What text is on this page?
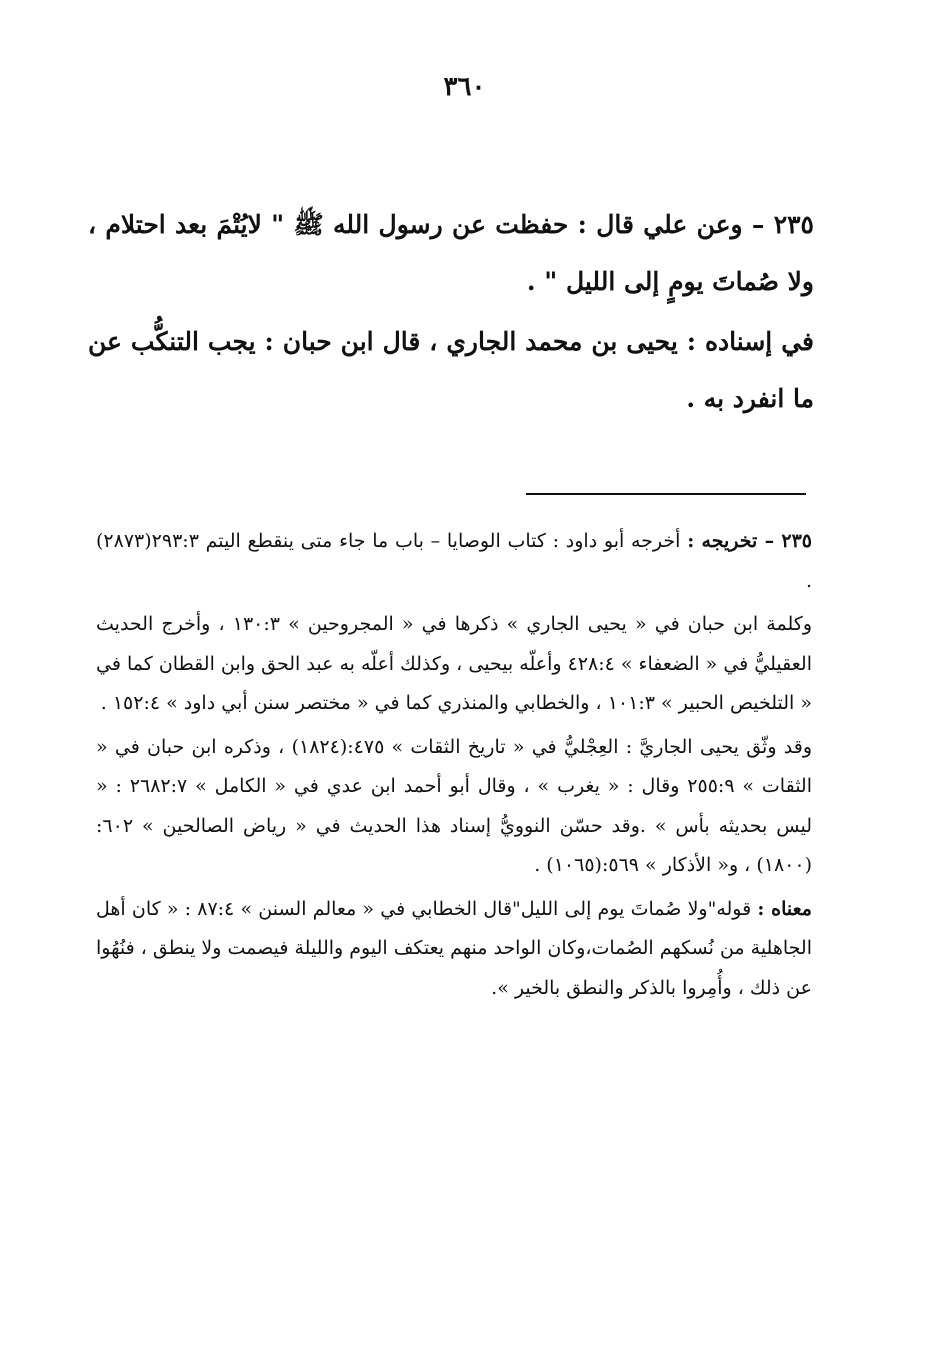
٣٦٠

٢٣٥ – وعن علي قال : حفظت عن رسول الله ﷺ " لايُتْمَ بعد احتلام ، ولا صُماتَ يومٍ إلى الليل " .

في إسناده : يحيى بن محمد الجاري ، قال ابن حبان : يجب التنكُّب عن ما انفرد به .

٢٣٥ – تخريجه : أخرجه أبو داود : كتاب الوصايا – باب ما جاء متى ينقطع اليتم ٢٩٣:٣(٢٨٧٣) .

وكلمة ابن حبان في « يحيى الجاري » ذكرها في « المجروحين » ١٣٠:٣ ، وأخرج الحديث العقيليُّ في « الضعفاء » ٤٢٨:٤ وأعلّه بيحيى ، وكذلك أعلّه به عبد الحق وابن القطان كما في « التلخيص الحبير » ١٠١:٣ ، والخطابي والمنذري كما في « مختصر سنن أبي داود » ١٥٢:٤ .

وقد وثّق يحيى الجاريَّ : العِجْليُّ في « تاريخ الثقات » ٤٧٥:(١٨٢٤) ، وذكره ابن حبان في « الثقات » ٢٥٥:٩ وقال : « يغرب » ، وقال أبو أحمد ابن عدي في « الكامل » ٢٦٨٢:٧ : « ليس بحديثه بأس » .وقد حسّن النوويُّ إسناد هذا الحديث في « رياض الصالحين » ٦٠٢:(١٨٠٠) ، و« الأذكار » ٥٦٩:(١٠٦٥) .

معناه : قوله"ولا صُماتَ يوم إلى الليل"قال الخطابي في « معالم السنن » ٨٧:٤ : « كان أهل الجاهلية من نُسكهم الصُمات،وكان الواحد منهم يعتكف اليوم والليلة فيصمت ولا ينطق ، فنُهُوا عن ذلك ، وأُمِروا بالذكر والنطق بالخير ».
